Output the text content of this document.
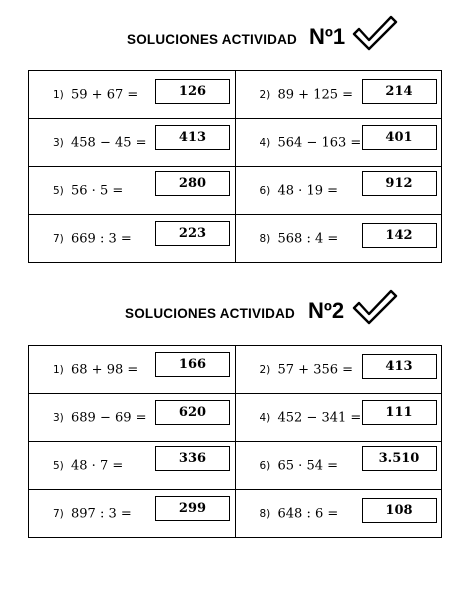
SOLUCIONES ACTIVIDAD Nº1
1) 59 + 67 = 126	2) 89 + 125 = 214

3) 458 − 45 = 413	4) 564 − 163 = 401

5) 56 · 5 = 280	6) 48 · 19 = 912

7) 669 : 3 = 223	8) 568 : 4 = 142
SOLUCIONES ACTIVIDAD Nº2
1) 68 + 98 = 166	2) 57 + 356 = 413

3) 689 − 69 = 620	4) 452 − 341 = 111

5) 48 · 7 = 336	6) 65 · 54 = 3.510

7) 897 : 3 = 299	8) 648 : 6 = 108
